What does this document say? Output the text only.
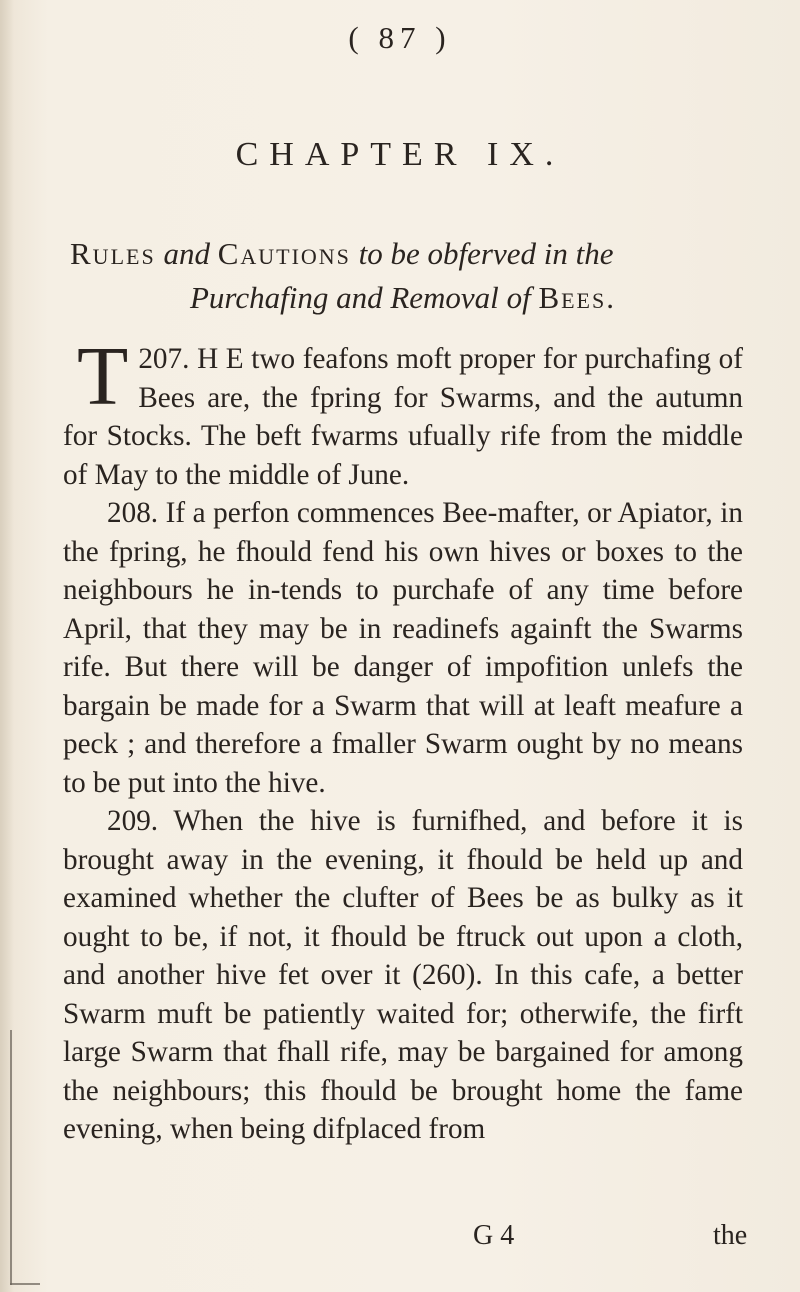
( 87 )
CHAPTER IX.
Rules and Cautions to be obferved in the
Purchafing and Removal of Bees.

207.
T H E two feafons moft proper for purchafing of Bees are, the fpring for Swarms, and the autumn for Stocks. The beft fwarms ufually rife from the middle of May to the middle of June.

208. If a perfon commences Bee-mafter, or Apiator, in the fpring, he fhould fend his own hives or boxes to the neighbours he in-tends to purchafe of any time before April, that they may be in readinefs againft the Swarms rife. But there will be danger of impofition unlefs the bargain be made for a Swarm that will at leaft meafure a peck ; and therefore a fmaller Swarm ought by no means to be put into the hive.

209. When the hive is furnifhed, and before it is brought away in the evening, it fhould be held up and examined whether the clufter of Bees be as bulky as it ought to be, if not, it fhould be ftruck out upon a cloth, and another hive fet over it (260). In this cafe, a better Swarm muft be patiently waited for; otherwife, the firft large Swarm that fhall rife, may be bargained for among the neighbours; this fhould be brought home the fame evening, when being difplaced from

G 4	the
